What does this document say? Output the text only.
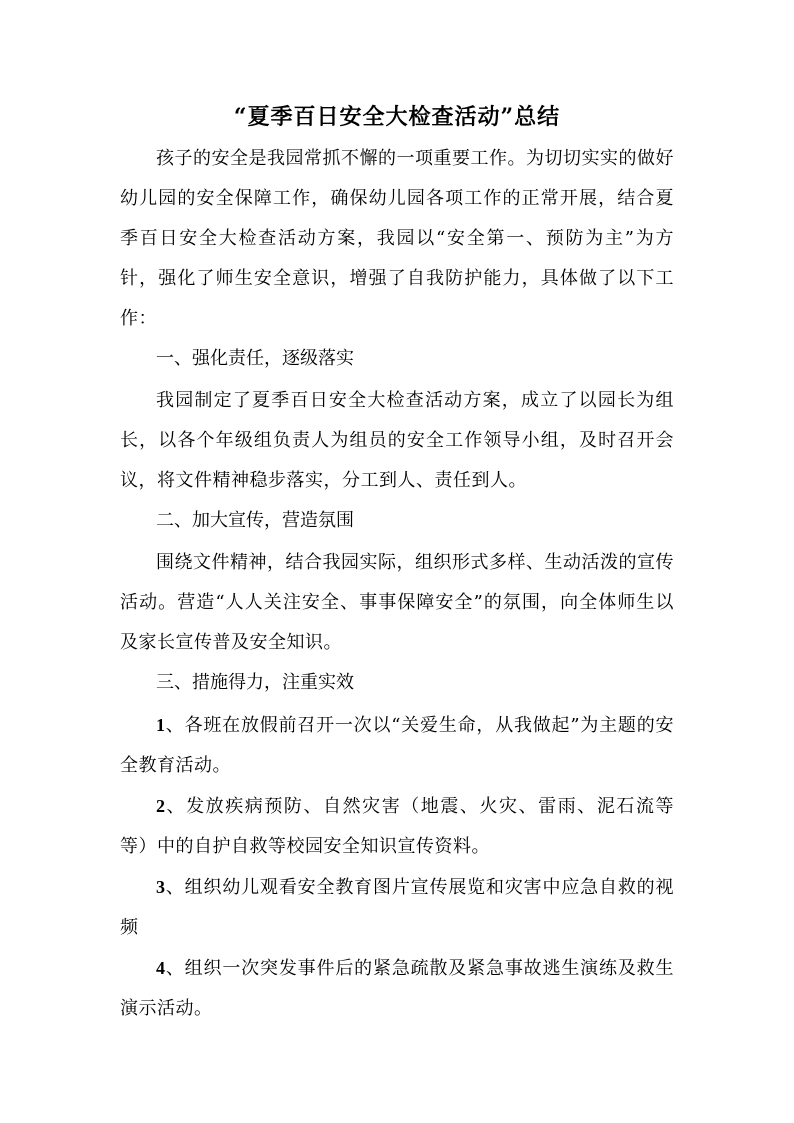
“夏季百日安全大检查活动”总结

孩子的安全是我园常抓不懈的一项重要工作。为切切实实的做好幼儿园的安全保障工作，确保幼儿园各项工作的正常开展，结合夏季百日安全大检查活动方案，我园以“安全第一、预防为主”为方针，强化了师生安全意识，增强了自我防护能力，具体做了以下工作：

一、强化责任，逐级落实

我园制定了夏季百日安全大检查活动方案，成立了以园长为组长，以各个年级组负责人为组员的安全工作领导小组，及时召开会议，将文件精神稳步落实，分工到人、责任到人。

二、加大宣传，营造氛围

围绕文件精神，结合我园实际，组织形式多样、生动活泼的宣传活动。营造“人人关注安全、事事保障安全”的氛围，向全体师生以及家长宣传普及安全知识。

三、措施得力，注重实效

1、各班在放假前召开一次以“关爱生命，从我做起”为主题的安全教育活动。

2、发放疾病预防、自然灾害（地震、火灾、雷雨、泥石流等等）中的自护自救等校园安全知识宣传资料。

3、组织幼儿观看安全教育图片宣传展览和灾害中应急自救的视频

4、组织一次突发事件后的紧急疏散及紧急事故逃生演练及救生演示活动。
